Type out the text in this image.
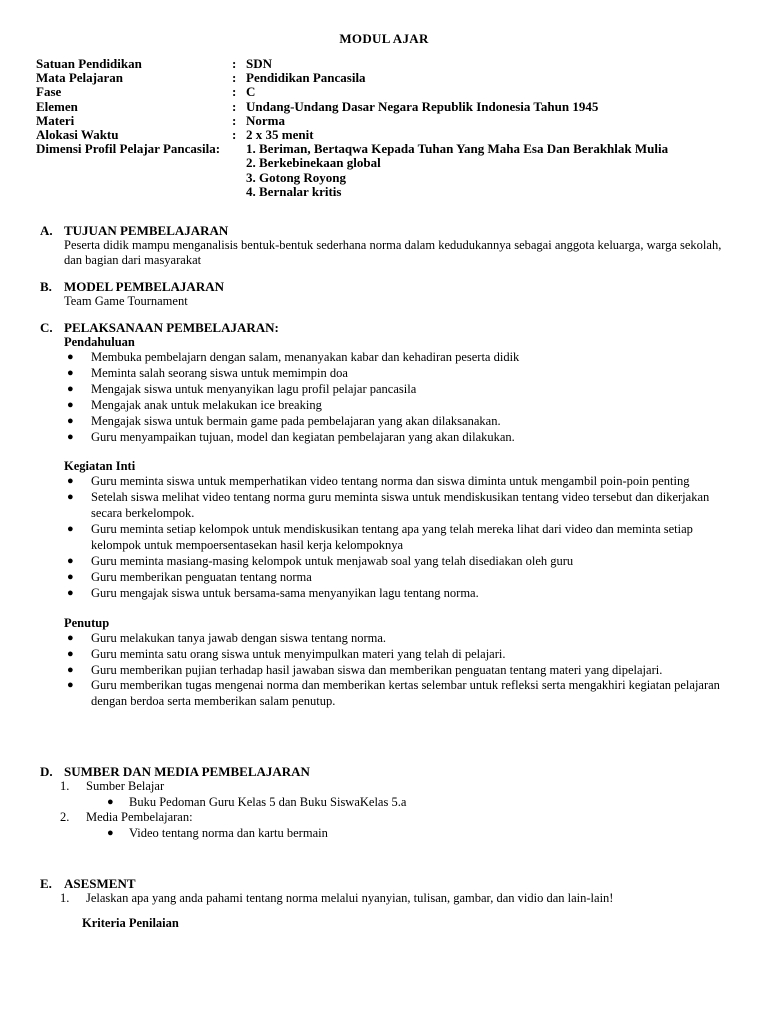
MODUL AJAR
Satuan Pendidikan	: SDN
Mata Pelajaran	: Pendidikan Pancasila
Fase	: C
Elemen	: Undang-Undang Dasar Negara Republik Indonesia Tahun 1945
Materi	: Norma
Alokasi Waktu	: 2 x 35 menit
Dimensi Profil Pelajar Pancasila:	1. Beriman, Bertaqwa Kepada Tuhan Yang Maha Esa Dan Berakhlak Mulia
2. Berkebinekaan global
3. Gotong Royong
4. Bernalar kritis
A. TUJUAN PEMBELAJARAN
Peserta didik mampu menganalisis bentuk-bentuk sederhana norma dalam kedudukannya sebagai anggota keluarga, warga sekolah, dan bagian dari masyarakat
B. MODEL PEMBELAJARAN
Team Game Tournament
C. PELAKSANAAN PEMBELAJARAN:
Pendahuluan
● Membuka pembelajarn dengan salam, menanyakan kabar dan kehadiran peserta didik
● Meminta salah seorang siswa untuk memimpin doa
● Mengajak siswa untuk menyanyikan lagu profil pelajar pancasila
● Mengajak anak untuk melakukan ice breaking
● Mengajak siswa untuk bermain game pada pembelajaran yang akan dilaksanakan.
● Guru menyampaikan tujuan, model dan kegiatan pembelajaran yang akan dilakukan.
Kegiatan Inti
● Guru meminta siswa untuk memperhatikan video tentang norma dan siswa diminta untuk mengambil poin-poin penting
● Setelah siswa melihat video tentang norma guru meminta siswa untuk mendiskusikan tentang video tersebut dan dikerjakan secara berkelompok.
● Guru meminta setiap kelompok untuk mendiskusikan tentang apa yang telah mereka lihat dari video dan meminta setiap kelompok untuk mempoersentasekan hasil kerja kelompoknya
● Guru meminta masiang-masing kelompok untuk menjawab soal yang telah disediakan oleh guru
● Guru memberikan penguatan tentang norma
● Guru mengajak siswa untuk bersama-sama menyanyikan lagu tentang norma.
Penutup
● Guru melakukan tanya jawab dengan siswa tentang norma.
● Guru meminta satu orang siswa untuk menyimpulkan materi yang telah di pelajari.
● Guru memberikan pujian terhadap hasil jawaban siswa dan memberikan penguatan tentang materi yang dipelajari.
● Guru memberikan tugas mengenai norma dan memberikan kertas selembar untuk refleksi serta mengakhiri kegiatan pelajaran dengan berdoa serta memberikan salam penutup.
D. SUMBER DAN MEDIA PEMBELAJARAN
1. Sumber Belajar
● Buku Pedoman Guru Kelas 5 dan Buku SiswaKelas 5.a
2. Media Pembelajaran:
● Video tentang norma dan kartu bermain
E. ASESMENT
1. Jelaskan apa yang anda pahami tentang norma melalui nyanyian, tulisan, gambar, dan vidio dan lain-lain!
Kriteria Penilaian
